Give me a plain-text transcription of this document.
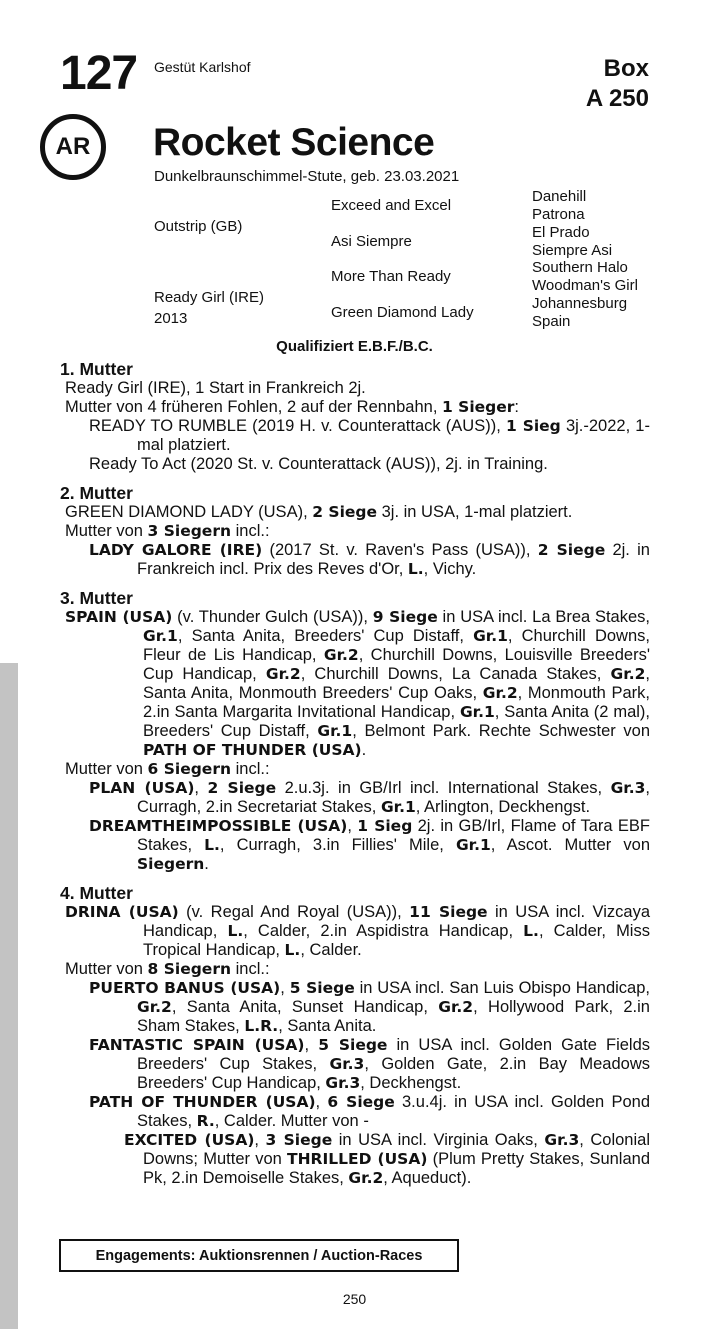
127 Gestüt Karlshof	Box
A 250
AR	Rocket Science
Dunkelbraunschimmel-Stute, geb. 23.03.2021
Outstrip (GB)
Ready Girl (IRE)
2013
Exceed and Excel
Asi Siempre
More Than Ready
Green Diamond Lady
Danehill
Patrona
El Prado
Siempre Asi
Southern Halo
Woodman's Girl
Johannesburg
Spain
Qualifiziert E.B.F./B.C.
1. Mutter
Ready Girl (IRE), 1 Start in Frankreich 2j.
Mutter von 4 früheren Fohlen, 2 auf der Rennbahn, 1 Sieger:
READY TO RUMBLE (2019 H. v. Counterattack (AUS)), 1 Sieg 3j.-2022, 1-mal platziert.
Ready To Act (2020 St. v. Counterattack (AUS)), 2j. in Training.
2. Mutter
GREEN DIAMOND LADY (USA), 2 Siege 3j. in USA, 1-mal platziert.
Mutter von 3 Siegern incl.:
LADY GALORE (IRE) (2017 St. v. Raven's Pass (USA)), 2 Siege 2j. in Frankreich incl. Prix des Reves d'Or, L., Vichy.
3. Mutter
SPAIN (USA) (v. Thunder Gulch (USA)), 9 Siege in USA incl. La Brea Stakes, Gr.1, Santa Anita, Breeders' Cup Distaff, Gr.1, Churchill Downs, Fleur de Lis Handicap, Gr.2, Churchill Downs, Louisville Breeders' Cup Handicap, Gr.2, Churchill Downs, La Canada Stakes, Gr.2, Santa Anita, Monmouth Breeders' Cup Oaks, Gr.2, Monmouth Park, 2.in Santa Margarita Invitational Handicap, Gr.1, Santa Anita (2 mal), Breeders' Cup Distaff, Gr.1, Belmont Park. Rechte Schwester von PATH OF THUNDER (USA).
Mutter von 6 Siegern incl.:
PLAN (USA), 2 Siege 2.u.3j. in GB/Irl incl. International Stakes, Gr.3, Curragh, 2.in Secretariat Stakes, Gr.1, Arlington, Deckhengst.
DREAMTHEIMPOSSIBLE (USA), 1 Sieg 2j. in GB/Irl, Flame of Tara EBF Stakes, L., Curragh, 3.in Fillies' Mile, Gr.1, Ascot. Mutter von Siegern.
4. Mutter
DRINA (USA) (v. Regal And Royal (USA)), 11 Siege in USA incl. Vizcaya Handicap, L., Calder, 2.in Aspidistra Handicap, L., Calder, Miss Tropical Handicap, L., Calder.
Mutter von 8 Siegern incl.:
PUERTO BANUS (USA), 5 Siege in USA incl. San Luis Obispo Handicap, Gr.2, Santa Anita, Sunset Handicap, Gr.2, Hollywood Park, 2.in Sham Stakes, L.R., Santa Anita.
FANTASTIC SPAIN (USA), 5 Siege in USA incl. Golden Gate Fields Breeders' Cup Stakes, Gr.3, Golden Gate, 2.in Bay Meadows Breeders' Cup Handicap, Gr.3, Deckhengst.
PATH OF THUNDER (USA), 6 Siege 3.u.4j. in USA incl. Golden Pond Stakes, R., Calder. Mutter von -
EXCITED (USA), 3 Siege in USA incl. Virginia Oaks, Gr.3, Colonial Downs; Mutter von THRILLED (USA) (Plum Pretty Stakes, Sunland Pk, 2.in Demoiselle Stakes, Gr.2, Aqueduct).
Engagements: Auktionsrennen / Auction-Races
250
